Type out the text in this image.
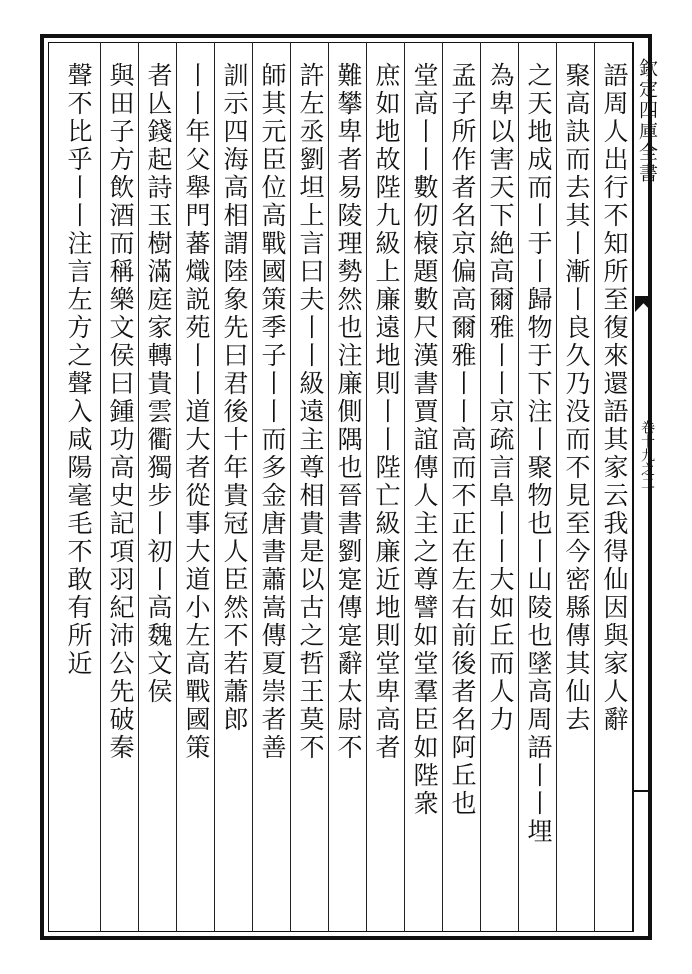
欽定四庫全書
卷十九之二
語周人出行不知所至復來還語其家云我得仙因與家人辭
聚高訣而去其丨漸丨良久乃没而不見至今密縣傳其仙去
之天地成而丨于丨歸物于下注丨聚物也丨山陵也墜高周語丨丨埋
為卑以害天下絶高爾雅丨丨京疏言阜丨丨大如丘而人力
孟子所作者名京偏高爾雅丨丨高而不正在左右前後者名阿丘也
堂高丨丨數仞榱題數尺漢書賈誼傳人主之尊譬如堂羣臣如陛衆
庶如地故陛九級上廉遠地則丨丨陛亡級廉近地則堂卑高者
難攀卑者易陵理勢然也注廉側隅也晉書劉寔傳寔辭太尉不
許左丞劉坦上言曰夫丨丨級遠主尊相貴是以古之哲王莫不
師其元臣位高戰國策季子丨丨而多金唐書蕭嵩傳夏崇者善
訓示四海高相謂陸象先曰君後十年貴冠人臣然不若蕭郎
丨丨年父舉門蕃熾説苑丨丨道大者從事大道小左高戰國策
者亾錢起詩玉樹滿庭家轉貴雲衢獨步丨初丨高魏文侯
與田子方飲酒而稱樂文侯曰鍾功高史記項羽紀沛公先破秦
聲不比乎丨丨注言左方之聲入咸陽毫毛不敢有所近
